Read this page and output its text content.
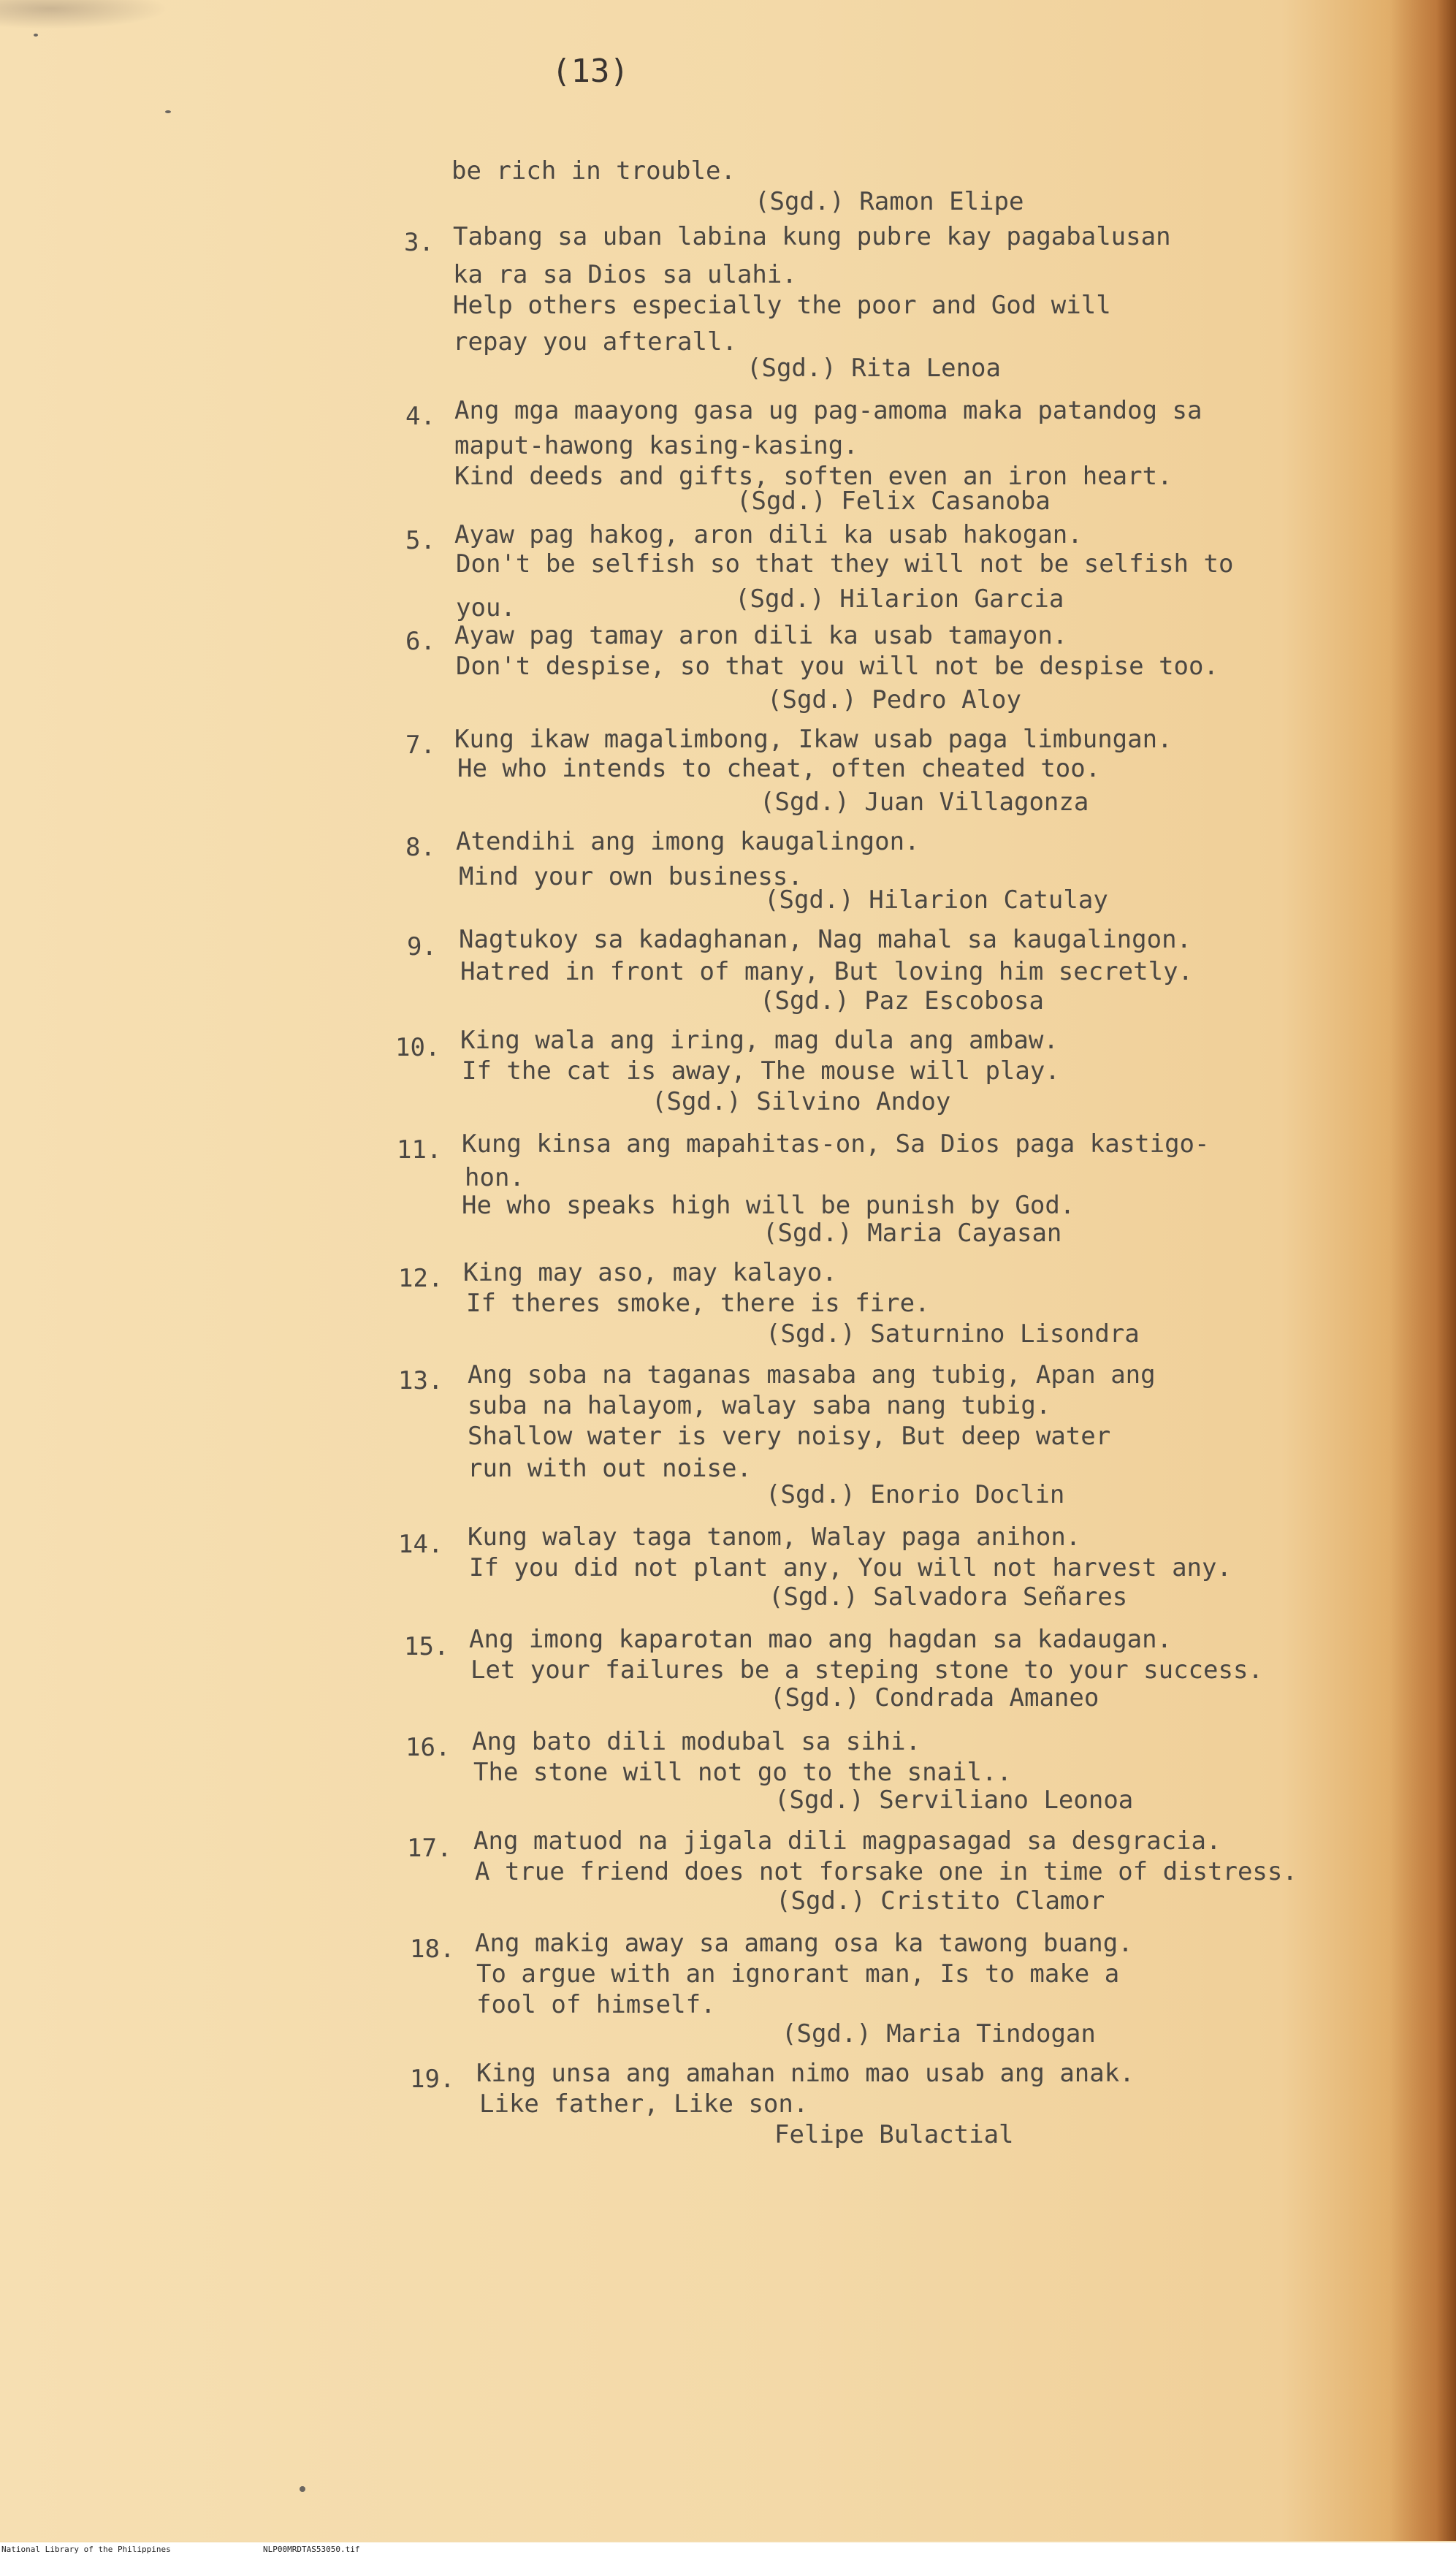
(13)
be rich in trouble.
(Sgd.) Ramon Elipe
3. Tabang sa uban labina kung pubre kay pagabalusan
ka ra sa Dios sa ulahi.
Help others especially the poor and God will
repay you afterall.
(Sgd.) Rita Lenoa
4. Ang mga maayong gasa ug pag-amoma maka patandog sa
maput-hawong kasing-kasing.
Kind deeds and gifts, soften even an iron heart.
(Sgd.) Felix Casanoba
5. Ayaw pag hakog, aron dili ka usab hakogan.
Don't be selfish so that they will not be selfish to
you.	(Sgd.) Hilarion Garcia
6. Ayaw pag tamay aron dili ka usab tamayon.
Don't despise, so that you will not be despise too.
(Sgd.) Pedro Aloy
7. Kung ikaw magalimbong, Ikaw usab paga limbungan.
He who intends to cheat, often cheated too.
(Sgd.) Juan Villagonza
8. Atendihi ang imong kaugalingon.
Mind your own business.
(Sgd.) Hilarion Catulay
9. Nagtukoy sa kadaghanan, Nag mahal sa kaugalingon.
Hatred in front of many, But loving him secretly.
(Sgd.) Paz Escobosa
10. King wala ang iring, mag dula ang ambaw.
If the cat is away, The mouse will play.
(Sgd.) Silvino Andoy
11. Kung kinsa ang mapahitas-on, Sa Dios paga kastigo-
hon.
He who speaks high will be punish by God.
(Sgd.) Maria Cayasan
12. King may aso, may kalayo.
If theres smoke, there is fire.
(Sgd.) Saturnino Lisondra
13. Ang soba na taganas masaba ang tubig, Apan ang
suba na halayom, walay saba nang tubig.
Shallow water is very noisy, But deep water
run with out noise.
(Sgd.) Enorio Doclin
14. Kung walay taga tanom, Walay paga anihon.
If you did not plant any, You will not harvest any.
(Sgd.) Salvadora Señares
15. Ang imong kaparotan mao ang hagdan sa kadaugan.
Let your failures be a steping stone to your success.
(Sgd.) Condrada Amaneo
16. Ang bato dili modubal sa sihi.
The stone will not go to the snail..
(Sgd.) Serviliano Leonoa
17. Ang matuod na jigala dili magpasagad sa desgracia.
A true friend does not forsake one in time of distress.
(Sgd.) Cristito Clamor
18. Ang makig away sa amang osa ka tawong buang.
To argue with an ignorant man, Is to make a
fool of himself.
(Sgd.) Maria Tindogan
19. King unsa ang amahan nimo mao usab ang anak.
Like father, Like son.
Felipe Bulactial
National Library of the Philippines	NLP00MRDTAS53050.tif
